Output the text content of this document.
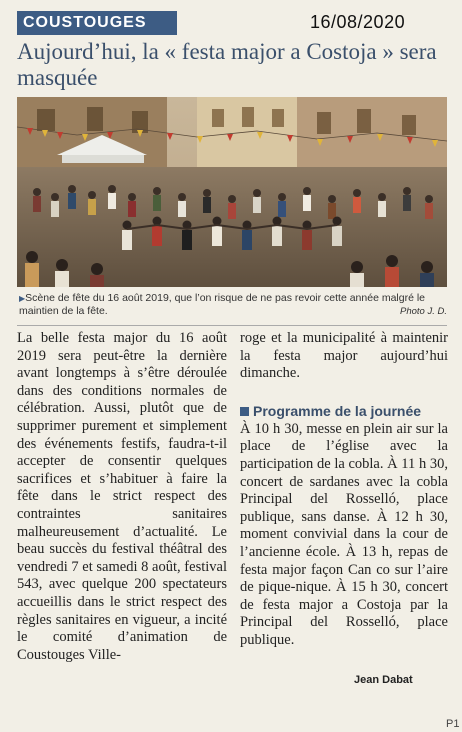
COUSTOUGES	16/08/2020
Aujourd’hui, la « festa major a Costoja » sera masquée
▶ Scène de fête du 16 août 2019, que l’on risque de ne pas revoir cette année malgré le maintien de la fête.	Photo J. D.

La belle festa major du 16 août 2019 sera peut-être la dernière avant longtemps à s’être déroulée dans des conditions normales de célébration. Aussi, plutôt que de supprimer purement et simplement des événements festifs, faudra-t-il accepter de consentir quelques sacrifices et s’habituer à faire la fête dans le strict respect des contraintes sanitaires malheureusement d’actualité. Le beau succès du festival théâtral des vendredi 7 et samedi 8 août, festival 543, avec quelque 200 spectateurs accueillis dans le strict respect des règles sanitaires en vigueur, a incité le comité d’animation de Coustouges Ville-

roge et la municipalité à maintenir la festa major aujourd’hui dimanche.

Programme de la journée

À 10 h 30, messe en plein air sur la place de l’église avec la participation de la cobla. À 11 h 30, concert de sardanes avec la cobla Principal del Rosselló, place publique, sans danse. À 12 h 30, moment convivial dans la cour de l’ancienne école. À 13 h, repas de festa major façon Can co sur l’aire de pique-nique. À 15 h 30, concert de festa major a Costoja par la Principal del Rosselló, place publique.

Jean Dabat
P1
